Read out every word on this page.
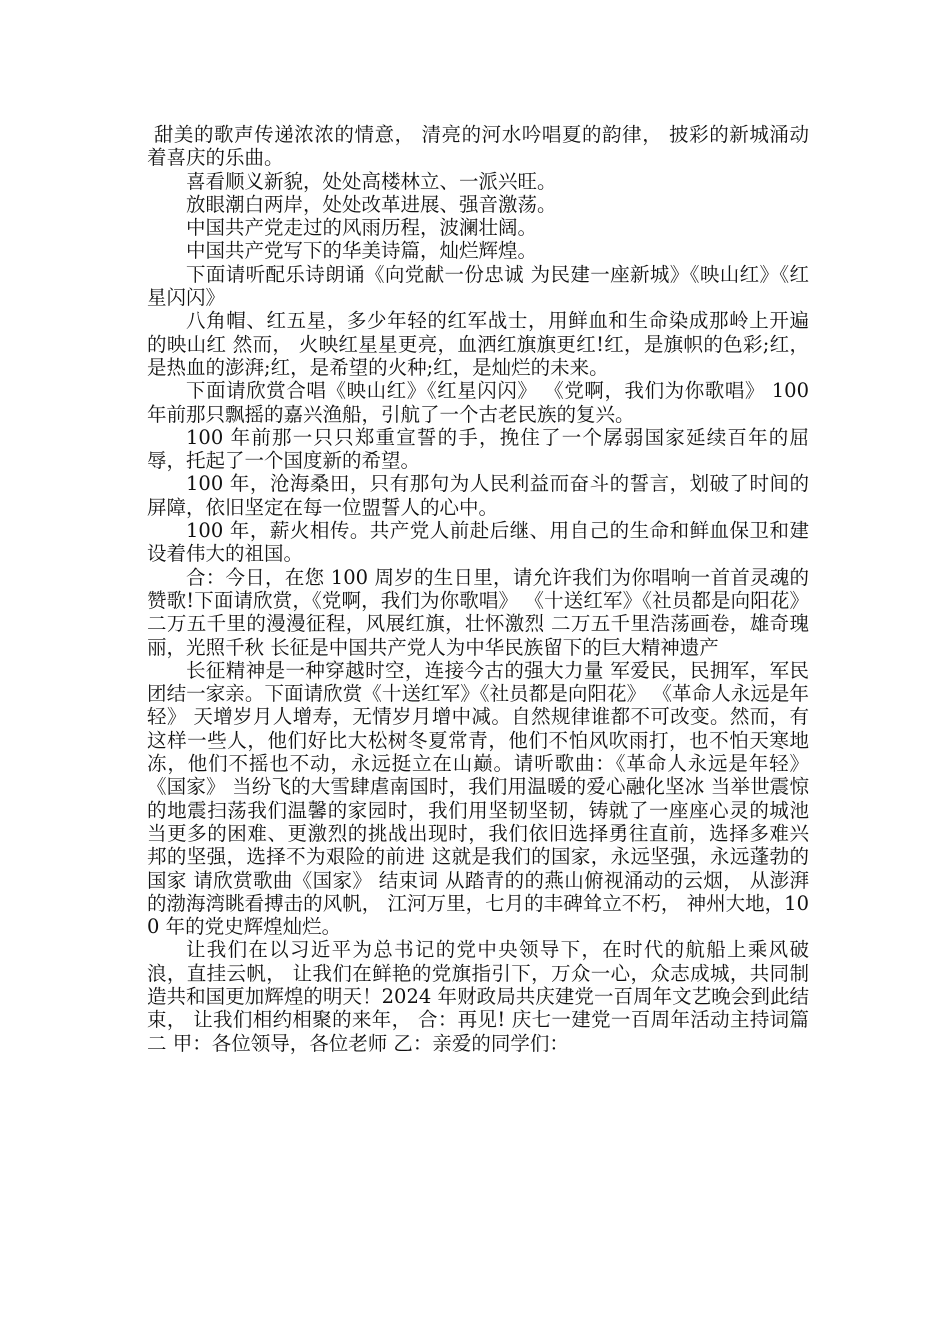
甜美的歌声传递浓浓的情意， 清亮的河水吟唱夏的韵律， 披彩的新城涌动着喜庆的乐曲。

喜看顺义新貌，处处高楼林立、一派兴旺。

放眼潮白两岸，处处改革进展、强音激荡。

中国共产党走过的风雨历程，波澜壮阔。

中国共产党写下的华美诗篇，灿烂辉煌。

下面请听配乐诗朗诵《向党献一份忠诚 为民建一座新城》《映山红》《红星闪闪》

八角帽、红五星，多少年轻的红军战士，用鲜血和生命染成那岭上开遍的映山红 然而， 火映红星星更亮，血洒红旗旗更红!红，是旗帜的色彩;红，是热血的澎湃;红，是希望的火种;红，是灿烂的未来。

下面请欣赏合唱《映山红》《红星闪闪》 《党啊，我们为你歌唱》 100 年前那只飘摇的嘉兴渔船，引航了一个古老民族的复兴。

100 年前那一只只郑重宣誓的手，挽住了一个孱弱国家延续百年的屈辱，托起了一个国度新的希望。

100 年，沧海桑田，只有那句为人民利益而奋斗的誓言，划破了时间的屏障，依旧坚定在每一位盟誓人的心中。

100 年，薪火相传。共产党人前赴后继、用自己的生命和鲜血保卫和建设着伟大的祖国。

合：今日，在您 100 周岁的生日里，请允许我们为你唱响一首首灵魂的赞歌!下面请欣赏，《党啊，我们为你歌唱》 《十送红军》《社员都是向阳花》 二万五千里的漫漫征程，风展红旗，壮怀激烈 二万五千里浩荡画卷，雄奇瑰丽，光照千秋 长征是中国共产党人为中华民族留下的巨大精神遗产

长征精神是一种穿越时空，连接今古的强大力量 军爱民，民拥军，军民团结一家亲。下面请欣赏《十送红军》《社员都是向阳花》 《革命人永远是年轻》 天增岁月人增寿，无情岁月增中减。自然规律谁都不可改变。然而，有这样一些人，他们好比大松树冬夏常青，他们不怕风吹雨打，也不怕天寒地冻，他们不摇也不动，永远挺立在山巅。请听歌曲：《革命人永远是年轻》 《国家》 当纷飞的大雪肆虐南国时，我们用温暖的爱心融化坚冰 当举世震惊的地震扫荡我们温馨的家园时，我们用坚韧坚韧，铸就了一座座心灵的城池 当更多的困难、更激烈的挑战出现时，我们依旧选择勇往直前，选择多难兴邦的坚强，选择不为艰险的前进 这就是我们的国家，永远坚强，永远蓬勃的国家 请欣赏歌曲《国家》 结束词 从踏青的的燕山俯视涌动的云烟， 从澎湃的渤海湾眺看搏击的风帆， 江河万里，七月的丰碑耸立不朽， 神州大地，100 年的党史辉煌灿烂。

让我们在以习近平为总书记的党中央领导下，在时代的航船上乘风破浪，直挂云帆， 让我们在鲜艳的党旗指引下，万众一心，众志成城，共同制造共和国更加辉煌的明天！2024 年财政局共庆建党一百周年文艺晚会到此结束， 让我们相约相聚的来年， 合：再见! 庆七一建党一百周年活动主持词篇二 甲：各位领导，各位老师 乙：亲爱的同学们：
